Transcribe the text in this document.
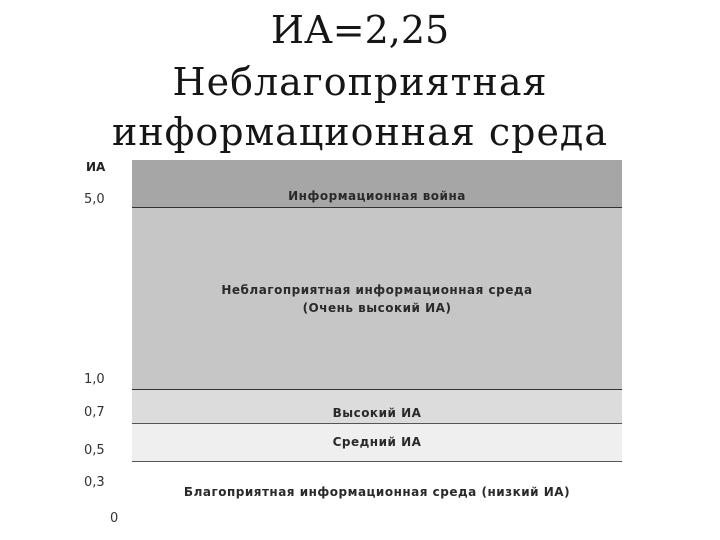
ИА=2,25
Неблагоприятная
информационная среда
ИА
5,0
1,0
0,7
0,5
0,3
0
Информационная война
Неблагоприятная информационная среда
(Очень высокий ИА)
Высокий ИА
Средний ИА
Благоприятная информационная среда (низкий ИА)
